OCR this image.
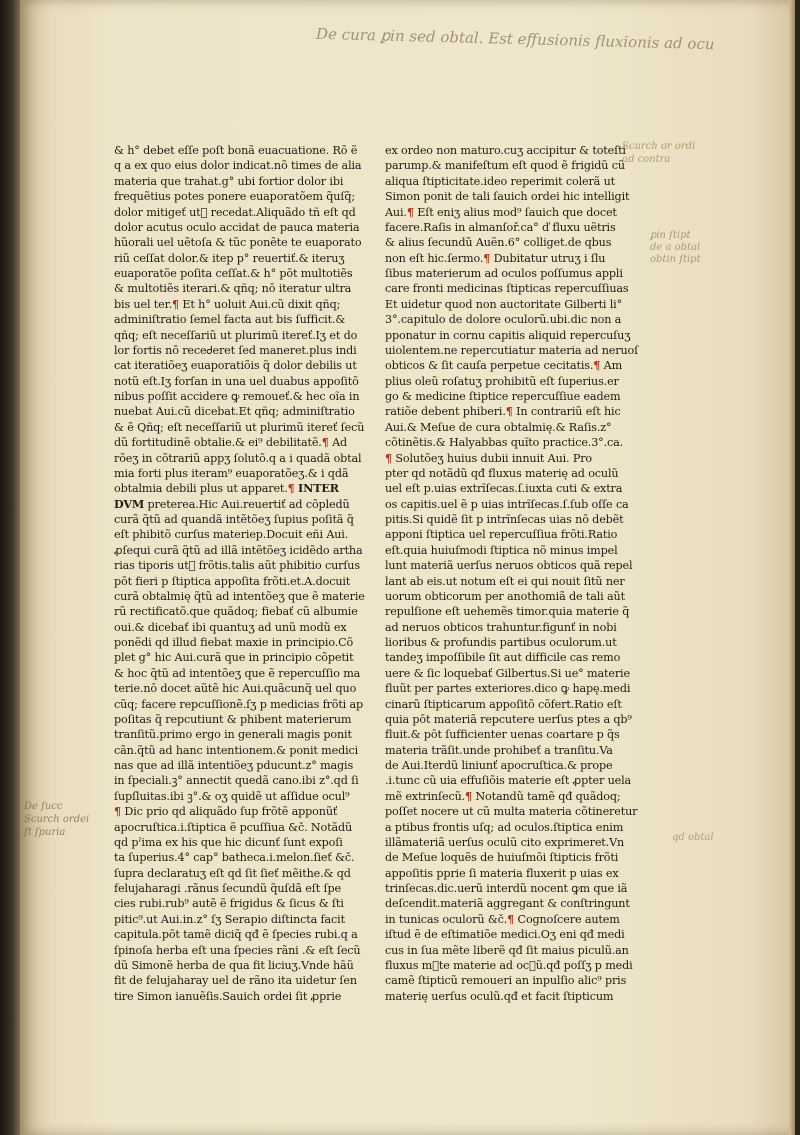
De cura ꝑin sed obtal. Est effusionis fluxionis ad ocu
Scurch or ordi
ad contra
ꝑin ſtipt
de a obtal
obtin ſtipt
qd obtal
De ſucc
Scurch ordei
ſt ſpuria
& h° debet eſſe poſt bonã euacuatione. Rō ẽ
q a ex quo eius dolor indicat.nõ times de alia
materia que trahat.g° ubi fortior dolor ibi
frequẽtius potes ponere euaporatõem q̃uſq̃;
dolor mitigeť ut᷑ recedat.Aliquãdo tñ eſt qd
dolor acutus oculo accidat de pauca materia
hũorali uel uẽtoſa & tũc ponẽte te euaporato
riũ ceſſat dolor.& itep p° reuertiť.& iteruʒ
euaporatõe poſita ceſſat.& h° pōt multotiẽs
& multotiẽs iterari.& qñq; nō iteratur ultra
bis uel ter.¶ Et h° uoluit Aui.cũ dixit qñq;
adminiſtratio ſemel facta aut bis ſufficit.&
qñq; eſt neceſſariũ ut plurimũ itereť.Iʒ et do
lor fortis nō receᏧeret ſed maneret.plus indi
cat iteratiõeʒ euaporatiõis q̃ dolor debilis ut
notũ eſt.Iʒ forſan in una uel duabus appoſitõ
nibus poſſit accidere ꝙ remoueť.& hec oĩa in
nuebat Aui.cũ dicebat.Et qñq; adminiſtratio
& ẽ Qñq; eſt neceſſariũ ut plurimũ itereť ſecũ
dũ fortitudinẽ obtalie.& ei⁹ debilitatẽ.¶ Ad
rõeʒ in cõtrariũ appʒ ſolutõ.q a i quadã obtal
mia forti plus iteram⁹ euaporatõeʒ.& i qdã
obtalmia debili plus ut apparet.¶ INTER
DVM preterea.Hic Aui.reuertiť ad cõpledũ
curã q̃tũ ad quandã intẽtõeʒ ſupius poſitã q̃
eſt phibitõ curſus materiep.Docuit eñi Aui.
ꝓſequi curã q̃tũ ad illã intẽtõeʒ icidẽdo artha
rias tiporis ut᷑ frõtis.talis aũt phibitio curſus
pōt fieri p ſtiptica appoſita frõti.et.A.docuit
curã obtalmię q̃tũ ad intentõeʒ que ẽ materie
rũ rectificatõ.que quãdoq; fiebať cũ albumie
oui.& dicebať ibi quantuʒ ad unũ modũ ex
ponẽdi qd illud fiebat maxie in principio.Cõ
plet g° hic Aui.curã que in principio cõpetit
& hoc q̃tũ ad intentõeʒ que ẽ repercuſſio ma
terie.nō docet aũtẽ hic Aui.quãcunq̃ uel quo
cũq; facere repcuſſionẽ.ſʒ p medicias frõti ap
poſitas q̃ repcutiunt & phibent materierum
tranſitũ.primo ergo in generali magis ponit
cãn.q̃tũ ad hanc intentionem.& ponit medici
nas que ad illã intentiõeʒ pducunt.z° magis
in ſpeciali.ꝫ° annectit quedã cano.ibi z°.qd ſi
ſupſluitas.ibi ꝫ°.& oʒ quidẽ ut aſſidue ocul⁹
¶ Dic prio qd aliquãdo ſup frõtẽ apponũť
apocruſtica.i.ſtiptica ẽ pcuſſiua &č. Notãdũ
qd pˀima ex his que hic dicunť ſunt expoſi
ta ſuperius.4° cap° batheca.i.melon.ſieť &č.
ſupra declaratuʒ eſt qd ſit ſieť mẽithe.& qd
felujaharagi .rãnus ſecundũ q̃uſdã eſt ſpe
cies rubi.rub⁹ autẽ ẽ frigidus & ſicus & ſti
pitic⁹.ut Aui.in.z° ſʒ Serapio diſtincta facit
capitula.pōt tamẽ diciq̃ qđ ẽ ſpecies rubi.q a
ſpinoſa herba eſt una ſpecies rãni .& eſt ſecũ
dũ Simonẽ herba de qua fit liciuʒ.Vnde hāũ
fit de felujaharay uel de rãno ita uidetur ſen
tire Simon ianuẽſis.Sauich ordei ſit ꝓprie
ex ordeo non maturo.cuʒ accipitur & toteſti
parump.& manifeſtum eſt quod ẽ frigidũ cũ
aliqua ſtipticitate.ideo reperimit colerã ut
Simon ponit de tali ſauich ordei hic intelligit
Aui.¶ Eſt eniʒ alius mod⁹ ſauich que docet
facere.Raſis in almanſoř.ca° ď fluxu uẽtris
& alius ſecundũ Auẽn.6° colliget.de qbus
non eſt hic.ſermo.¶ Dubitatur utruʒ i ſlu
ſibus materierum ad oculos poſſumus appli
care fronti medicinas ſtipticas repercuſſiuas
Et uidetur quod non auctoritate Gilberti li°
3°.capitulo de dolore oculorũ.ubi.dic non a
pponatur in cornu capitis aliquid repercuſuʒ
uiolentem.ne repercutiatur materia ad neruoſ
obticos & ſit cauſa perpetue cecitatis.¶ Am
plius oleũ roſatuʒ prohibitũ eſt ſuperius.er
go & medicine ſtiptice repercuſſiue eadem
ratiõe debent phiberi.¶ In contrariũ eſt hic
Aui.& Meſue de cura obtalmię.& Raſis.z°
cõtinẽtis.& Halyabbas quĩto practice.3°.ca.
¶ Solutõeʒ huius dubii innuit Aui. Pro
pter qd notãdũ qđ fluxus materię ad oculũ
uel eſt p.uias extrĩſecas.ſ.iuxta cuti & extra
os capitis.uel ẽ p uias intrĩſecas.ſ.ſub oſſe ca
pitis.Si quidẽ ſit p intrĩnſecas uias nō debẽt
apponi ſtiptica uel repercuſſiua frõti.Ratio
eſt.quia huiuſmodi ſtiptica nõ minus impel
lunt materiã uerſus neruos obticos quã repel
lant ab eis.ut notum eſt ei qui nouit ſitũ ner
uorum obticorum per anothomiã de tali aũt
repulſione eſt uehemẽs timor.quia materie q̃
ad neruos obticos trahuntur.figunť in nobi
lioribus & profundis partibus oculorum.ut
tandeʒ impoſſibile ſit aut difficile cas remo
uere & ſic loquebať Gilbertus.Si ue° materie
fluũt per partes exteriores.dico ꝙ hapę.medi
cinarũ ſtipticarum appoſitõ cõfert.Ratio eſt
quia pōt materiã repcutere uerſus ptes a qb⁹
fluit.& pōt ſufficienter uenas coartare p q̃s
materia trãſit.unde prohibeť a tranſitu.Va
de Aui.Iterdũ liniunť apocruſtica.& prope
.i.tunc cũ uia effuſiõis materie eſt ꝓpter uela
mẽ extrinſecũ.¶ Notandũ tamẽ qđ quãdoq;
poſſet nocere ut cũ multa materia cõtineretur
a ptibus frontis uſq; ad oculos.ſtiptica enim
illãmateriã uerſus oculũ cito exprimeret.Vn
de Meſue loquẽs de huiuſmõi ſtipticis frõti
appoſitis pprie ſi materia fluxerit p uias ex
trinſecas.dic.uerũ interdũ nocent ꝙm que iã
deſcendit.materiã aggregant & conſtringunt
in tunicas oculorũ &č.¶ Cognoſcere autem
iſtud ẽ de eſtimatiõe medici.Oʒ eni qđ medi
cus in ſua mẽte liberẽ qđ ſit maius piculũ.an
fluxus mᷓte materie ad ocᷓũ.qđ poſſʒ p medi
camẽ ſtipticũ remoueri an inpulſio alic⁹ pris
materię uerſus oculũ.qđ et facit ſtipticum
